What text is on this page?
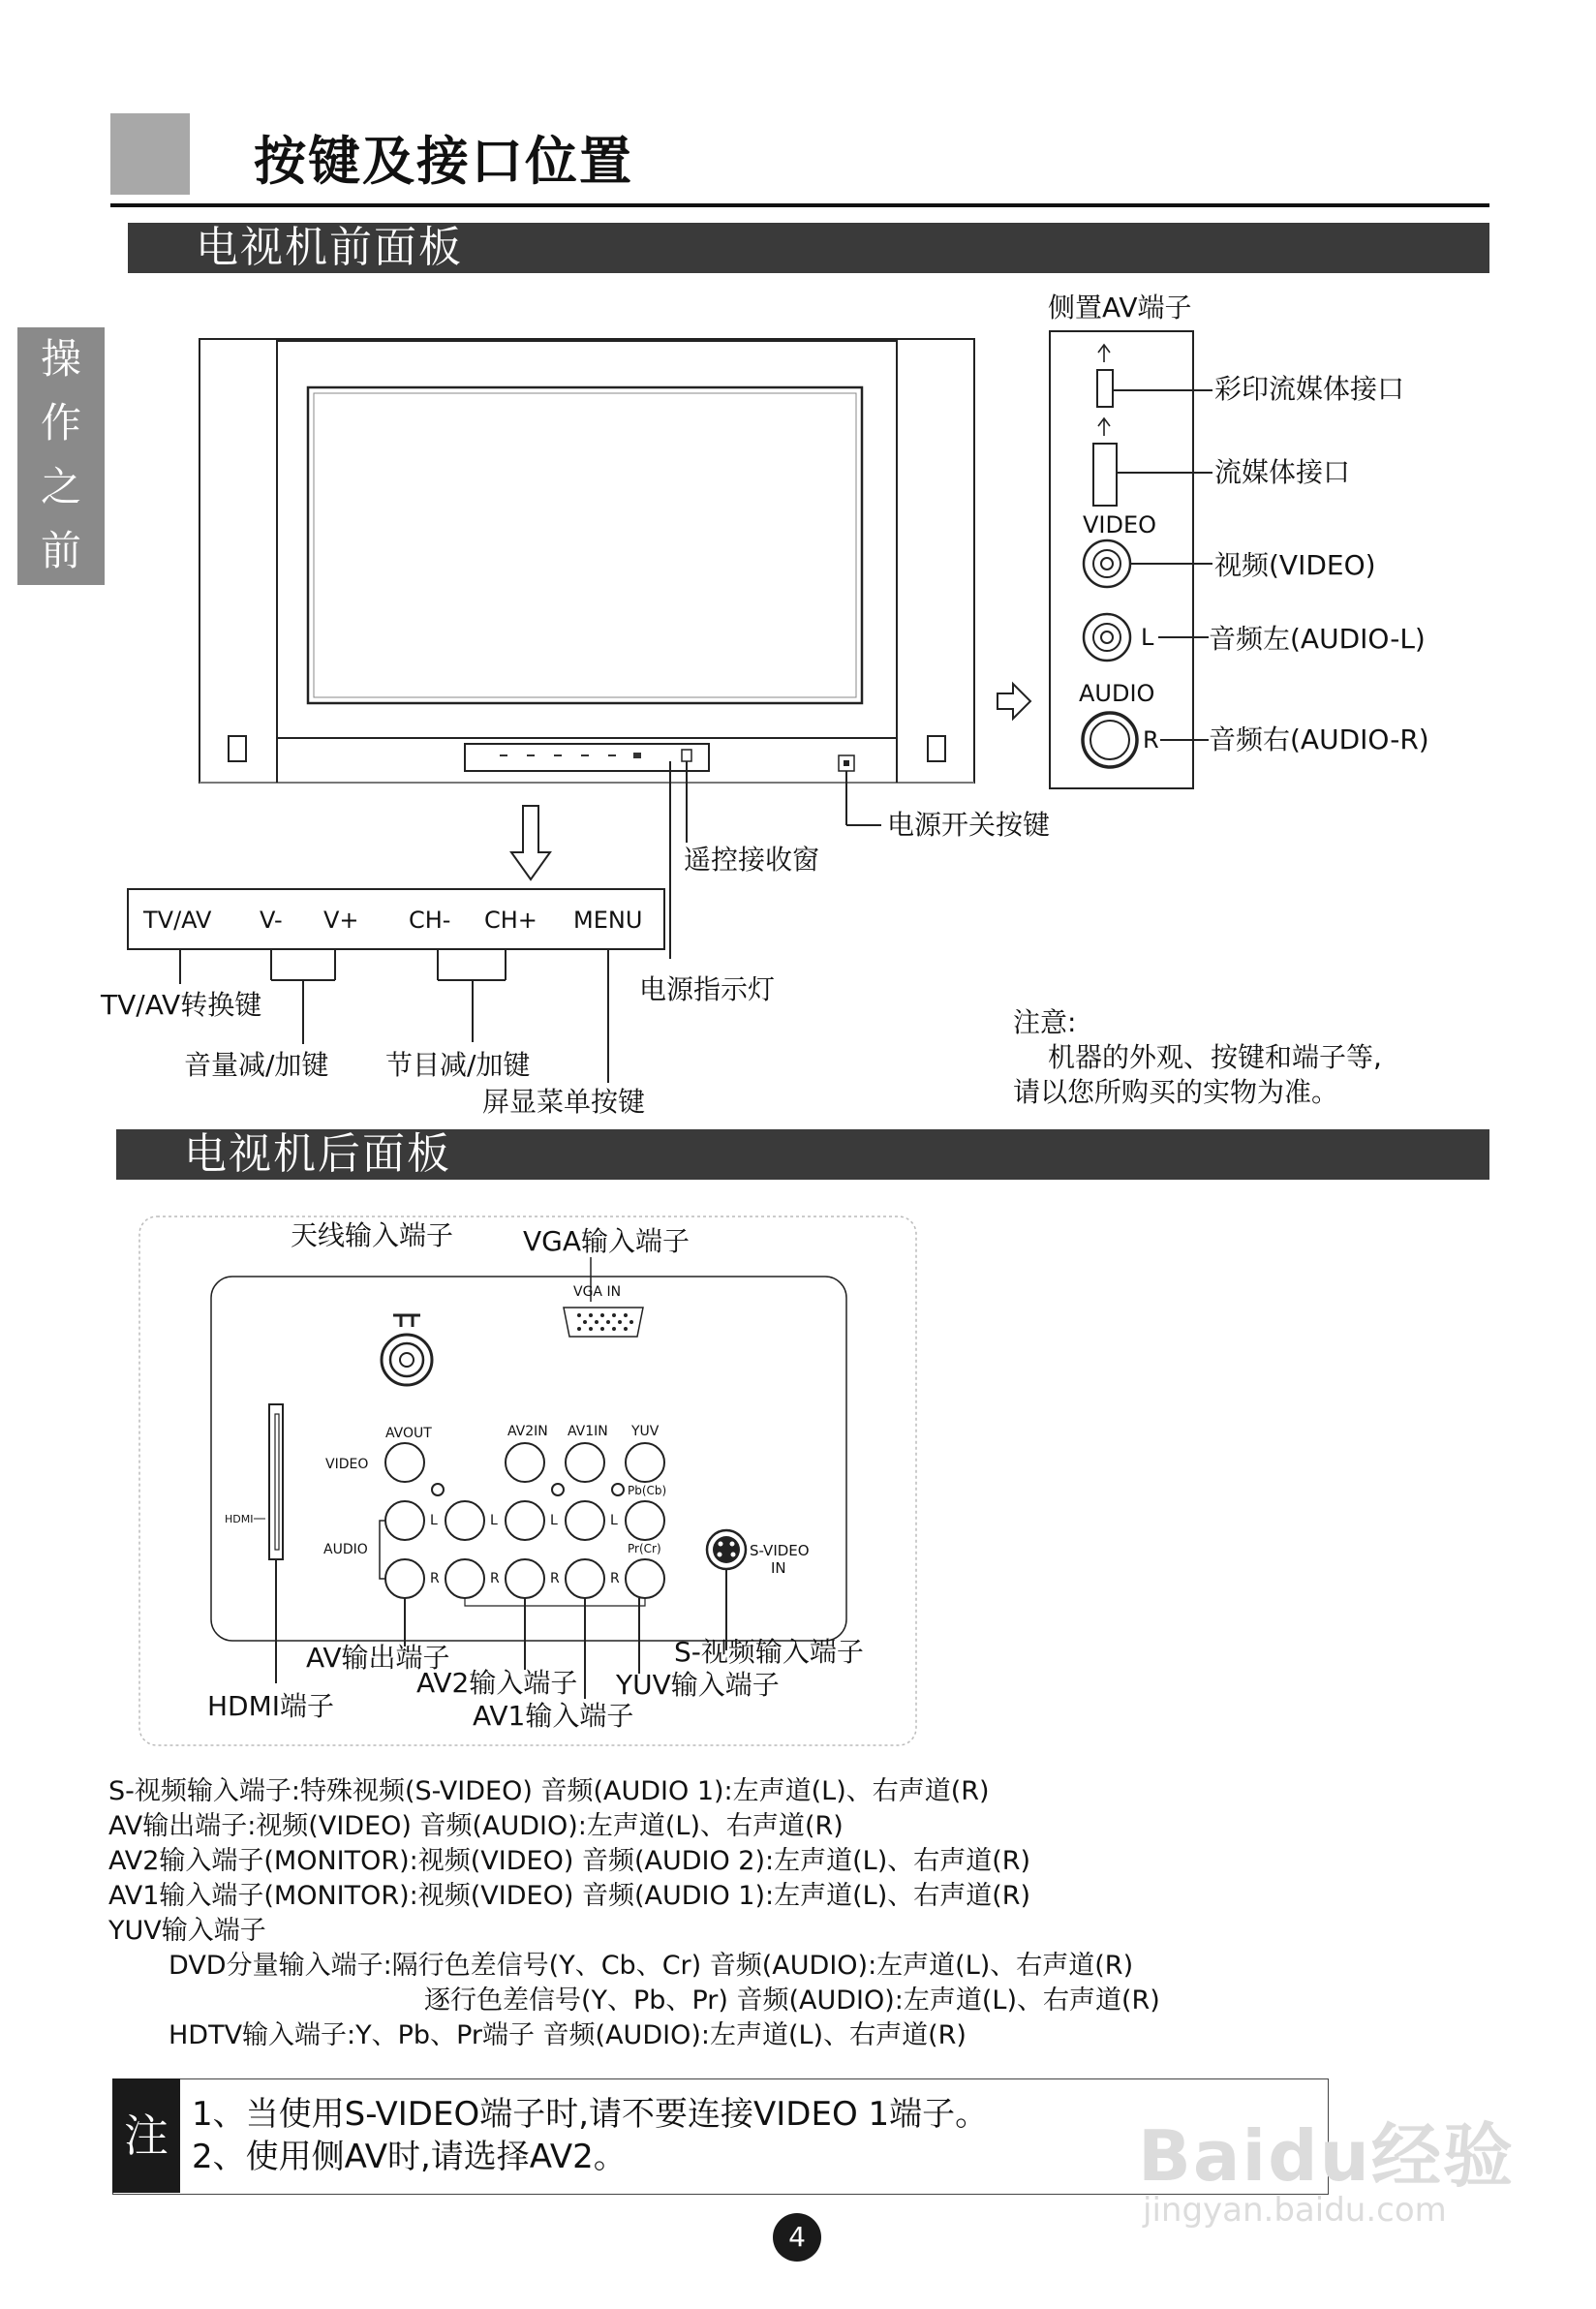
按键及接口位置
操
作
之
前
电视机前面板
侧置AV端子
彩印流媒体接口
流媒体接口
视频(VIDEO)
音频左(AUDIO-L)
音频右(AUDIO-R)
VIDEO
AUDIO
L
R
电源开关按键
遥控接收窗
电源指示灯
TV/AV V- V+ CH- CH+ MENU
TV/AV转换键
音量减/加键 节目减/加键
屏显菜单按键
注意:
机器的外观、按键和端子等,
请以您所购买的实物为准。
电视机后面板
天线输入端子	VGA输入端子
VGA IN
AVOUT	AV2IN AV1IN YUV
VIDEO
AUDIO
HDMI
Pb(Cb)
Pr(Cr)	S-VIDEO
IN
L	L	L	L
R	R	R	R
AV输出端子
AV2输入端子
AV1输入端子
YUV输入端子
S-视频输入端子
HDMI端子
S-视频输入端子:特殊视频(S-VIDEO) 音频(AUDIO 1):左声道(L)、右声道(R)
AV输出端子:视频(VIDEO) 音频(AUDIO):左声道(L)、右声道(R)
AV2输入端子(MONITOR):视频(VIDEO) 音频(AUDIO 2):左声道(L)、右声道(R)
AV1输入端子(MONITOR):视频(VIDEO) 音频(AUDIO 1):左声道(L)、右声道(R)
YUV输入端子
DVD分量输入端子:隔行色差信号(Y、Cb、Cr) 音频(AUDIO):左声道(L)、右声道(R)
逐行色差信号(Y、Pb、Pr) 音频(AUDIO):左声道(L)、右声道(R)
HDTV输入端子:Y、Pb、Pr端子 音频(AUDIO):左声道(L)、右声道(R)
注 1、当使用S-VIDEO端子时,请不要连接VIDEO 1端子。
2、使用侧AV时,请选择AV2。	Baidu经验
jingyan.baidu.com
4
